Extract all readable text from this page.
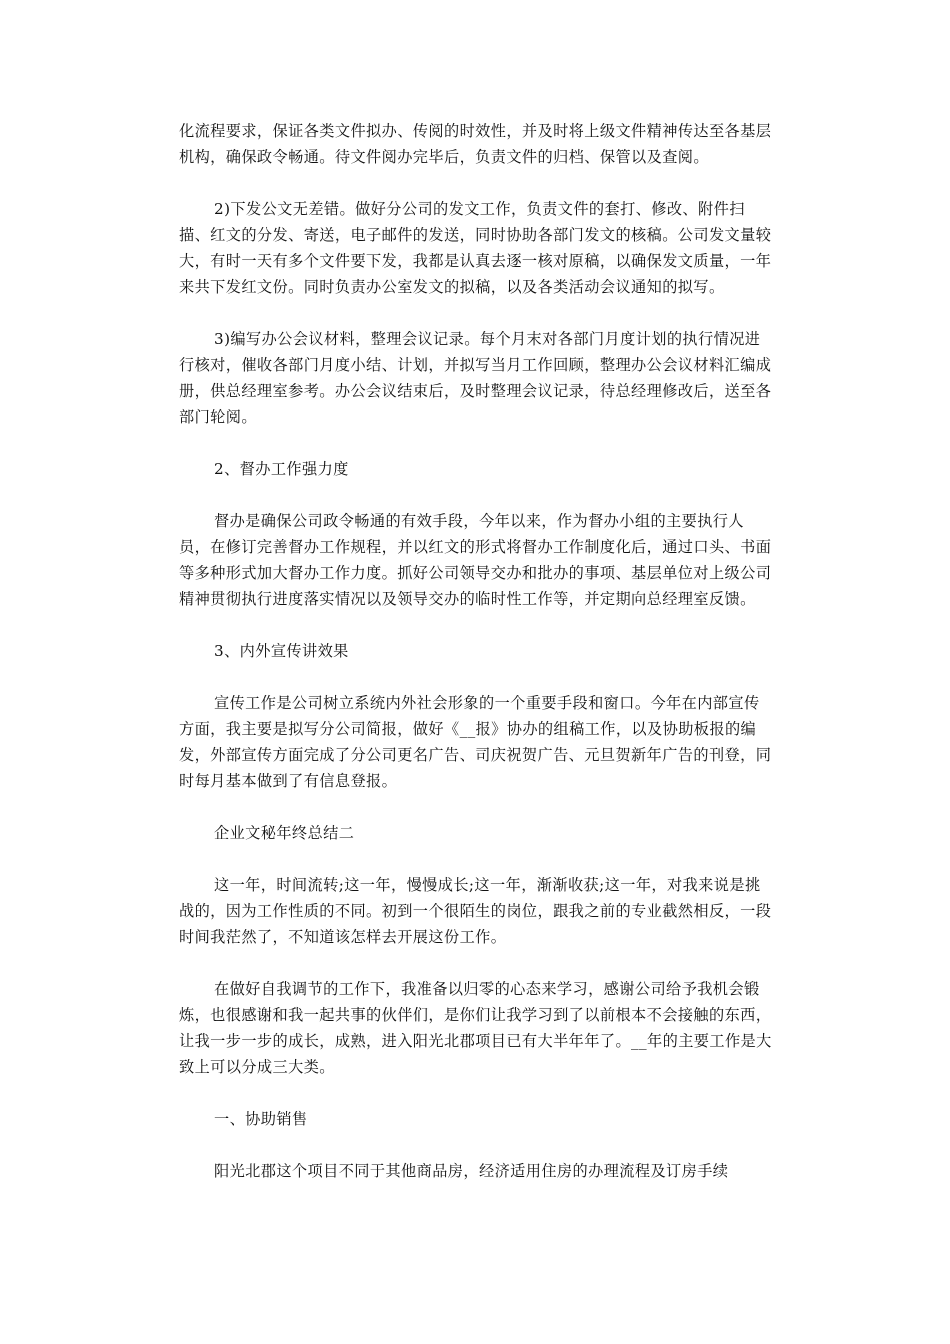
化流程要求，保证各类文件拟办、传阅的时效性，并及时将上级文件精神传达至各基层机构，确保政令畅通。待文件阅办完毕后，负责文件的归档、保管以及查阅。

2)下发公文无差错。做好分公司的发文工作，负责文件的套打、修改、附件扫描、红文的分发、寄送，电子邮件的发送，同时协助各部门发文的核稿。公司发文量较大，有时一天有多个文件要下发，我都是认真去逐一核对原稿，以确保发文质量，一年来共下发红文份。同时负责办公室发文的拟稿，以及各类活动会议通知的拟写。

3)编写办公会议材料，整理会议记录。每个月末对各部门月度计划的执行情况进行核对，催收各部门月度小结、计划，并拟写当月工作回顾，整理办公会议材料汇编成册，供总经理室参考。办公会议结束后，及时整理会议记录，待总经理修改后，送至各部门轮阅。

2、督办工作强力度

督办是确保公司政令畅通的有效手段，今年以来，作为督办小组的主要执行人员，在修订完善督办工作规程，并以红文的形式将督办工作制度化后，通过口头、书面等多种形式加大督办工作力度。抓好公司领导交办和批办的事项、基层单位对上级公司精神贯彻执行进度落实情况以及领导交办的临时性工作等，并定期向总经理室反馈。

3、内外宣传讲效果

宣传工作是公司树立系统内外社会形象的一个重要手段和窗口。今年在内部宣传方面，我主要是拟写分公司简报，做好《__报》协办的组稿工作，以及协助板报的编发，外部宣传方面完成了分公司更名广告、司庆祝贺广告、元旦贺新年广告的刊登，同时每月基本做到了有信息登报。

企业文秘年终总结二

这一年，时间流转;这一年，慢慢成长;这一年，渐渐收获;这一年，对我来说是挑战的，因为工作性质的不同。初到一个很陌生的岗位，跟我之前的专业截然相反，一段时间我茫然了，不知道该怎样去开展这份工作。

在做好自我调节的工作下，我准备以归零的心态来学习，感谢公司给予我机会锻炼，也很感谢和我一起共事的伙伴们，是你们让我学习到了以前根本不会接触的东西，让我一步一步的成长，成熟，进入阳光北郡项目已有大半年年了。__年的主要工作是大致上可以分成三大类。

一、协助销售

阳光北郡这个项目不同于其他商品房，经济适用住房的办理流程及订房手续
